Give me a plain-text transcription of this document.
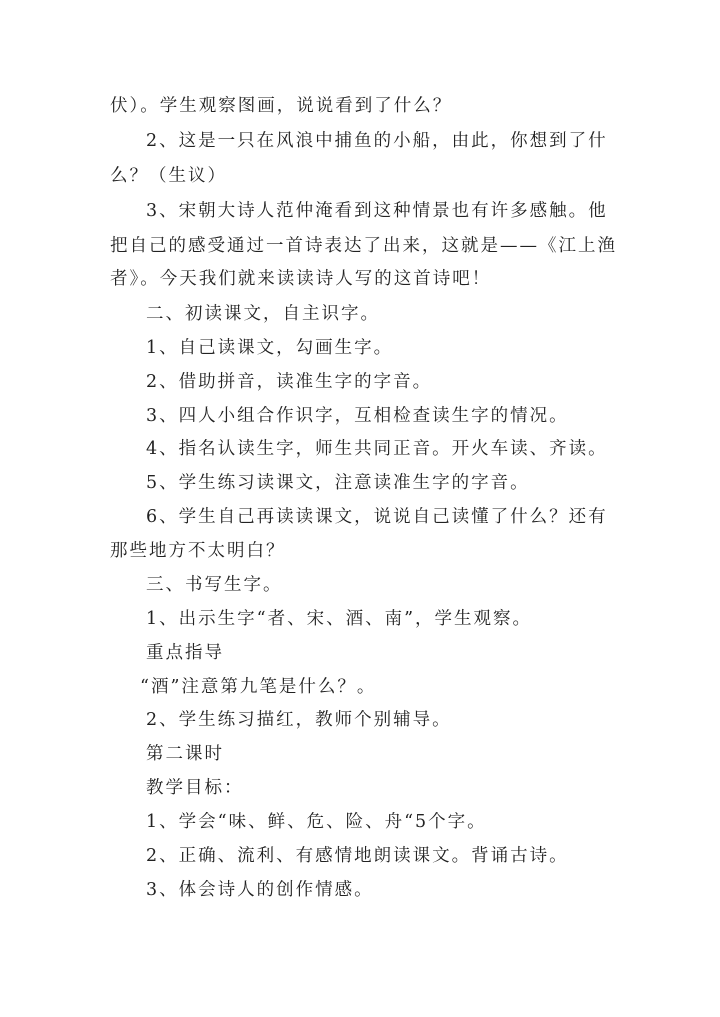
伏）。学生观察图画，说说看到了什么？
2、这是一只在风浪中捕鱼的小船，由此，你想到了什
么？（生议）
3、宋朝大诗人范仲淹看到这种情景也有许多感触。他
把自己的感受通过一首诗表达了出来，这就是——《江上渔
者》。今天我们就来读读诗人写的这首诗吧！
二、初读课文，自主识字。
1、自己读课文，勾画生字。
2、借助拼音，读准生字的字音。
3、四人小组合作识字，互相检查读生字的情况。
4、指名认读生字，师生共同正音。开火车读、齐读。
5、学生练习读课文，注意读准生字的字音。
6、学生自己再读读课文，说说自己读懂了什么？还有
那些地方不太明白？
三、书写生字。
1、出示生字“者、宋、酒、南”，学生观察。
重点指导
“酒”注意第九笔是什么？。
2、学生练习描红，教师个别辅导。
第二课时
教学目标：
1、学会“味、鲜、危、险、舟“5个字。
2、正确、流利、有感情地朗读课文。背诵古诗。
3、体会诗人的创作情感。
